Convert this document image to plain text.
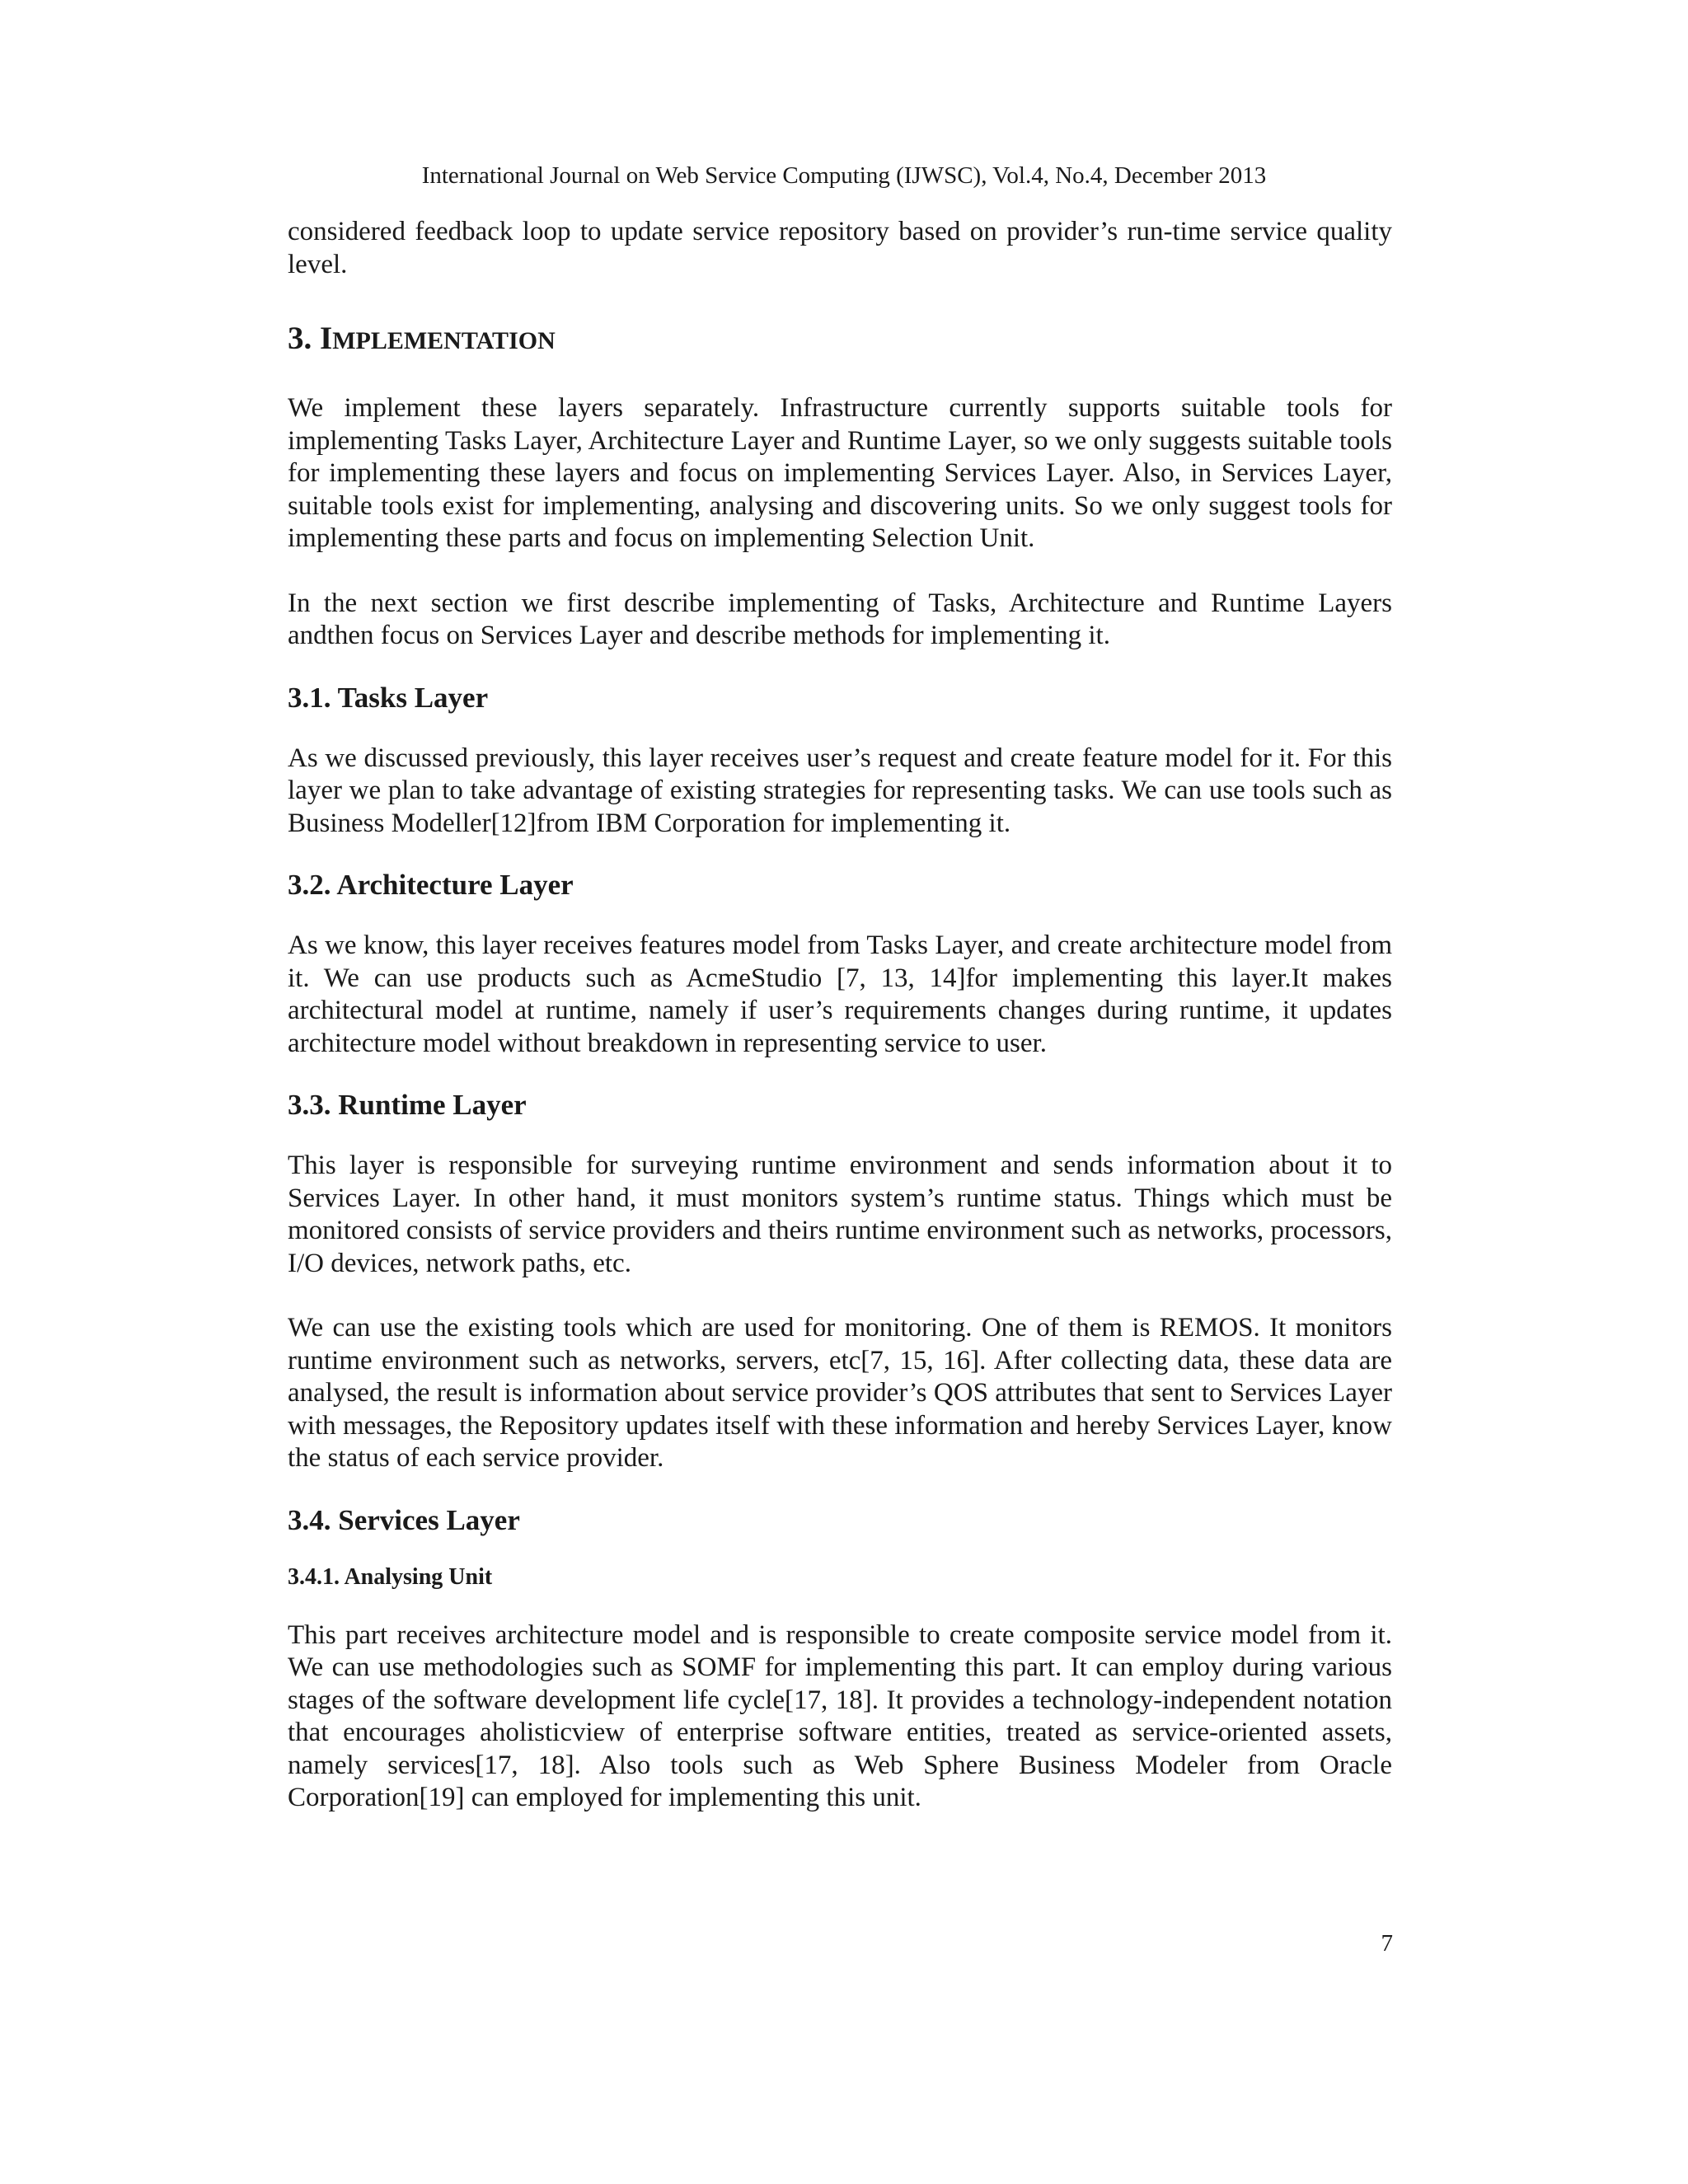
International Journal on Web Service Computing (IJWSC), Vol.4, No.4, December 2013

considered feedback loop to update service repository based on provider’s run-time service quality level.

3. IMPLEMENTATION

We implement these layers separately. Infrastructure currently supports suitable tools for implementing Tasks Layer, Architecture Layer and Runtime Layer, so we only suggests suitable tools for implementing these layers and focus on implementing Services Layer. Also, in Services Layer, suitable tools exist for implementing, analysing and discovering units. So we only suggest tools for implementing these parts and focus on implementing Selection Unit.

In the next section we first describe implementing of Tasks, Architecture and Runtime Layers andthen focus on Services Layer and describe methods for implementing it.

3.1. Tasks Layer

As we discussed previously, this layer receives user’s request and create feature model for it. For this layer we plan to take advantage of existing strategies for representing tasks. We can use tools such as Business Modeller[12]from IBM Corporation for implementing it.

3.2. Architecture Layer

As we know, this layer receives features model from Tasks Layer, and create architecture model from it. We can use products such as AcmeStudio [7, 13, 14]for implementing this layer.It makes architectural model at runtime, namely if user’s requirements changes during runtime, it updates architecture model without breakdown in representing service to user.

3.3. Runtime Layer

This layer is responsible for surveying runtime environment and sends information about it to Services Layer. In other hand, it must monitors system’s runtime status. Things which must be monitored consists of service providers and theirs runtime environment such as networks, processors, I/O devices, network paths, etc.

We can use the existing tools which are used for monitoring. One of them is REMOS. It monitors runtime environment such as networks, servers, etc[7, 15, 16]. After collecting data, these data are analysed, the result is information about service provider’s QOS attributes that sent to Services Layer with messages, the Repository updates itself with these information and hereby Services Layer, know the status of each service provider.

3.4. Services Layer
3.4.1. Analysing Unit

This part receives architecture model and is responsible to create composite service model from it. We can use methodologies such as SOMF for implementing this part. It can employ during various stages of the software development life cycle[17, 18]. It provides a technology-independent notation that encourages aholisticview of enterprise software entities, treated as service-oriented assets, namely services[17, 18]. Also tools such as Web Sphere Business Modeler from Oracle Corporation[19] can employed for implementing this unit.

7
